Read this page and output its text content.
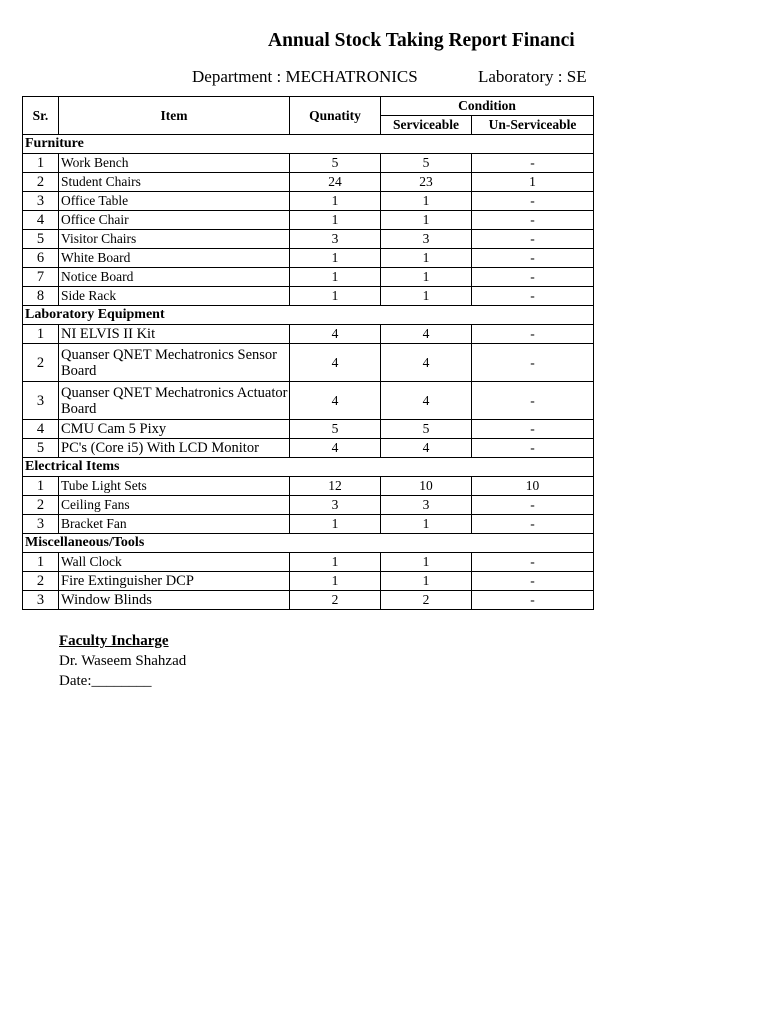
Annual Stock Taking Report Financi
Department : MECHATRONICS	Laboratory : SE
Sr.	Item	Qunatity	Condition	
			Serviceable	Un-Serviceable
Furniture				
1	Work Bench	5	5	-
2	Student Chairs	24	23	1
3	Office Table	1	1	-
4	Office Chair	1	1	-
5	Visitor Chairs	3	3	-
6	White Board	1	1	-
7	Notice Board	1	1	-
8	Side Rack	1	1	-
Laboratory Equipment				
1	NI ELVIS II Kit	4	4	-
2	Quanser QNET Mechatronics Sensor Board	4	4	-
3	Quanser QNET Mechatronics Actuator Board	4	4	-
4	CMU Cam 5 Pixy	5	5	-
5	PC's (Core i5) With LCD Monitor	4	4	-
Electrical Items				
1	Tube Light Sets	12	10	10
2	Ceiling Fans	3	3	-
3	Bracket Fan	1	1	-
Miscellaneous/Tools				
1	Wall Clock	1	1	-
2	Fire Extinguisher DCP	1	1	-
3	Window Blinds	2	2	-
Faculty Incharge
Dr. Waseem Shahzad
Date:________
